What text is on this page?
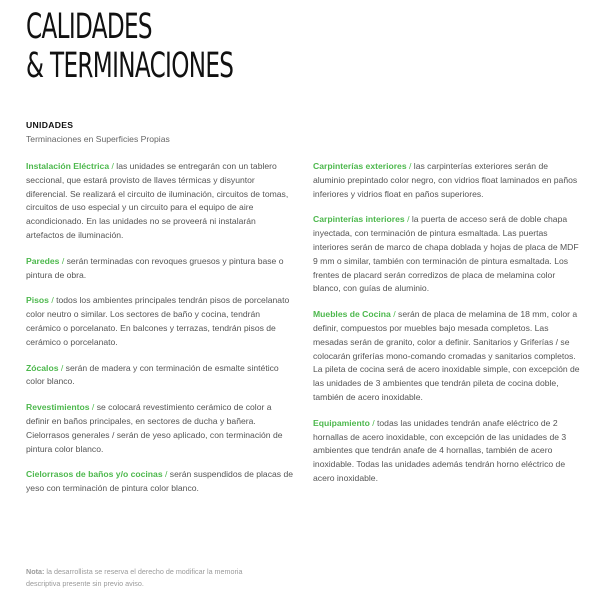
CALIDADES
& TERMINACIONES
UNIDADES
Terminaciones en Superficies Propias

Instalación Eléctrica / las unidades se entregarán con un tablero seccional, que estará provisto de llaves térmicas y disyuntor diferencial. Se realizará el circuito de iluminación, circuitos de tomas, circuitos de uso especial y un circuito para el equipo de aire acondicionado. En las unidades no se proveerá ni instalarán artefactos de iluminación.

Paredes / serán terminadas con revoques gruesos y pintura base o pintura de obra.

Pisos / todos los ambientes principales tendrán pisos de porcelanato color neutro o similar. Los sectores de baño y cocina, tendrán cerámico o porcelanato. En balcones y terrazas, tendrán pisos de cerámico o porcelanato.

Zócalos / serán de madera y con terminación de esmalte sintético color blanco.

Revestimientos / se colocará revestimiento cerámico de color a definir en baños principales, en sectores de ducha y bañera. Cielorrasos generales / serán de yeso aplicado, con terminación de pintura color blanco.

Cielorrasos de baños y/o cocinas / serán suspendidos de placas de yeso con terminación de pintura color blanco.

Carpinterías exteriores / las carpinterías exteriores serán de aluminio prepintado color negro, con vidrios float laminados en paños inferiores y vidrios float en paños superiores.

Carpinterías interiores / la puerta de acceso será de doble chapa inyectada, con terminación de pintura esmaltada. Las puertas interiores serán de marco de chapa doblada y hojas de placa de MDF 9 mm o similar, también con terminación de pintura esmaltada. Los frentes de placard serán corredizos de placa de melamina color blanco, con guías de aluminio.

Muebles de Cocina / serán de placa de melamina de 18 mm, color a definir, compuestos por muebles bajo mesada completos. Las mesadas serán de granito, color a definir. Sanitarios y Griferías / se colocarán griferías mono-comando cromadas y sanitarios completos. La pileta de cocina será de acero inoxidable simple, con excepción de las unidades de 3 ambientes que tendrán pileta de cocina doble, también de acero inoxidable.

Equipamiento / todas las unidades tendrán anafe eléctrico de 2 hornallas de acero inoxidable, con excepción de las unidades de 3 ambientes que tendrán anafe de 4 hornallas, también de acero inoxidable. Todas las unidades además tendrán horno eléctrico de acero inoxidable.

Nota: la desarrollista se reserva el derecho de modificar la memoria descriptiva presente sin previo aviso.
